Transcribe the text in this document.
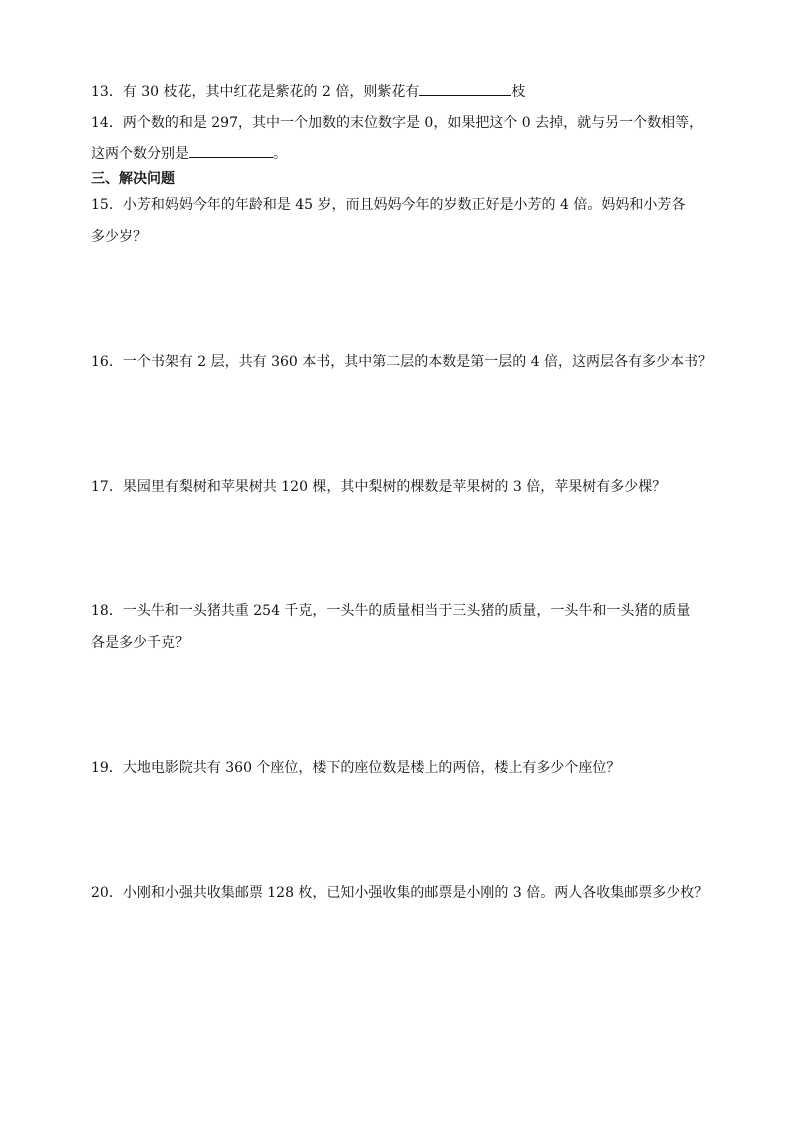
13．有 30 枝花，其中红花是紫花的 2 倍，则紫花有	枝
14．两个数的和是 297，其中一个加数的末位数字是 0，如果把这个 0 去掉，就与另一个数相等，
这两个数分别是	。
三、解决问题
15．小芳和妈妈今年的年龄和是 45 岁，而且妈妈今年的岁数正好是小芳的 4 倍。妈妈和小芳各
多少岁？
16．一个书架有 2 层，共有 360 本书，其中第二层的本数是第一层的 4 倍，这两层各有多少本书？
17．果园里有梨树和苹果树共 120 棵，其中梨树的棵数是苹果树的 3 倍，苹果树有多少棵？
18．一头牛和一头猪共重 254 千克，一头牛的质量相当于三头猪的质量，一头牛和一头猪的质量
各是多少千克？
19．大地电影院共有 360 个座位，楼下的座位数是楼上的两倍，楼上有多少个座位？
20．小刚和小强共收集邮票 128 枚，已知小强收集的邮票是小刚的 3 倍。两人各收集邮票多少枚？
